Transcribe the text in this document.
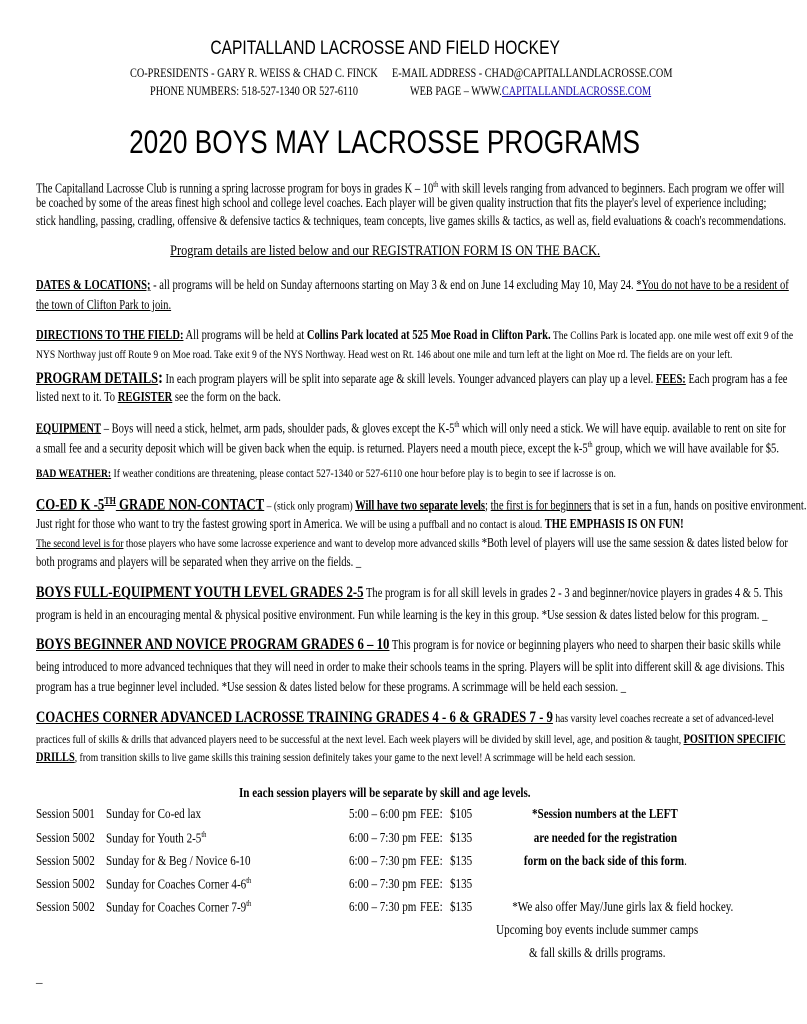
CAPITALLAND LACROSSE AND FIELD HOCKEY
CO-PRESIDENTS - GARY R. WEISS & CHAD C. FINCK
PHONE NUMBERS: 518-527-1340 OR 527-6110
E-MAIL ADDRESS - CHAD@CAPITALLANDLACROSSE.COM
WEB PAGE – WWW.CAPITALLANDLACROSSE.COM
2020 BOYS MAY LACROSSE PROGRAMS
The Capitalland Lacrosse Club is running a spring lacrosse program for boys in grades K – 10th with skill levels ranging from advanced to beginners. Each program we offer will
be coached by some of the areas finest high school and college level coaches. Each player will be given quality instruction that fits the player's level of experience including;
stick handling, passing, cradling, offensive & defensive tactics & techniques, team concepts, live games skills & tactics, as well as, field evaluations & coach's recommendations.
Program details are listed below and our REGISTRATION FORM IS ON THE BACK.
DATES & LOCATIONS; - all programs will be held on Sunday afternoons starting on May 3 & end on June 14 excluding May 10, May 24. *You do not have to be a resident of
the town of Clifton Park to join.
DIRECTIONS TO THE FIELD: All programs will be held at Collins Park located at 525 Moe Road in Clifton Park. The Collins Park is located app. one mile west off exit 9 of the
NYS Northway just off Route 9 on Moe road. Take exit 9 of the NYS Northway. Head west on Rt. 146 about one mile and turn left at the light on Moe rd. The fields are on your left.
PROGRAM DETAILS: In each program players will be split into separate age & skill levels. Younger advanced players can play up a level. FEES: Each program has a fee
listed next to it. To REGISTER see the form on the back.
EQUIPMENT – Boys will need a stick, helmet, arm pads, shoulder pads, & gloves except the K-5th which will only need a stick. We will have equip. available to rent on site for
a small fee and a security deposit which will be given back when the equip. is returned. Players need a mouth piece, except the k-5th group, which we will have available for $5.
BAD WEATHER: If weather conditions are threatening, please contact 527-1340 or 527-6110 one hour before play is to begin to see if lacrosse is on.
CO-ED K -5TH GRADE NON-CONTACT – (stick only program) Will have two separate levels; the first is for beginners that is set in a fun, hands on positive environment.
Just right for those who want to try the fastest growing sport in America. We will be using a puffball and no contact is aloud. THE EMPHASIS IS ON FUN!
The second level is for those players who have some lacrosse experience and want to develop more advanced skills *Both level of players will use the same session & dates listed below for
both programs and players will be separated when they arrive on the fields. _
BOYS FULL-EQUIPMENT YOUTH LEVEL GRADES 2-5 The program is for all skill levels in grades 2 - 3 and beginner/novice players in grades 4 & 5. This
program is held in an encouraging mental & physical positive environment. Fun while learning is the key in this group. *Use session & dates listed below for this program. _
BOYS BEGINNER AND NOVICE PROGRAM GRADES 6 – 10 This program is for novice or beginning players who need to sharpen their basic skills while
being introduced to more advanced techniques that they will need in order to make their schools teams in the spring. Players will be split into different skill & age divisions. This
program has a true beginner level included. *Use session & dates listed below for these programs. A scrimmage will be held each session. _
COACHES CORNER ADVANCED LACROSSE TRAINING GRADES 4 - 6 & GRADES 7 - 9 has varsity level coaches recreate a set of advanced-level
practices full of skills & drills that advanced players need to be successful at the next level. Each week players will be divided by skill level, age, and position & taught, POSITION SPECIFIC
DRILLS, from transition skills to live game skills this training session definitely takes your game to the next level! A scrimmage will be held each session.
In each session players will be separate by skill and age levels.
Session 5001 Sunday for Co-ed lax	5:00 – 6:00 pm FEE: $105
Session 5002 Sunday for Youth 2-5th	6:00 – 7:30 pm FEE: $135
Session 5002 Sunday for & Beg / Novice 6-10	6:00 – 7:30 pm FEE: $135
Session 5002 Sunday for Coaches Corner 4-6th	6:00 – 7:30 pm FEE: $135
Session 5002 Sunday for Coaches Corner 7-9th	6:00 – 7:30 pm FEE: $135
*Session numbers at the LEFT
are needed for the registration
form on the back side of this form.
*We also offer May/June girls lax & field hockey.
Upcoming boy events include summer camps
& fall skills & drills programs.
_
